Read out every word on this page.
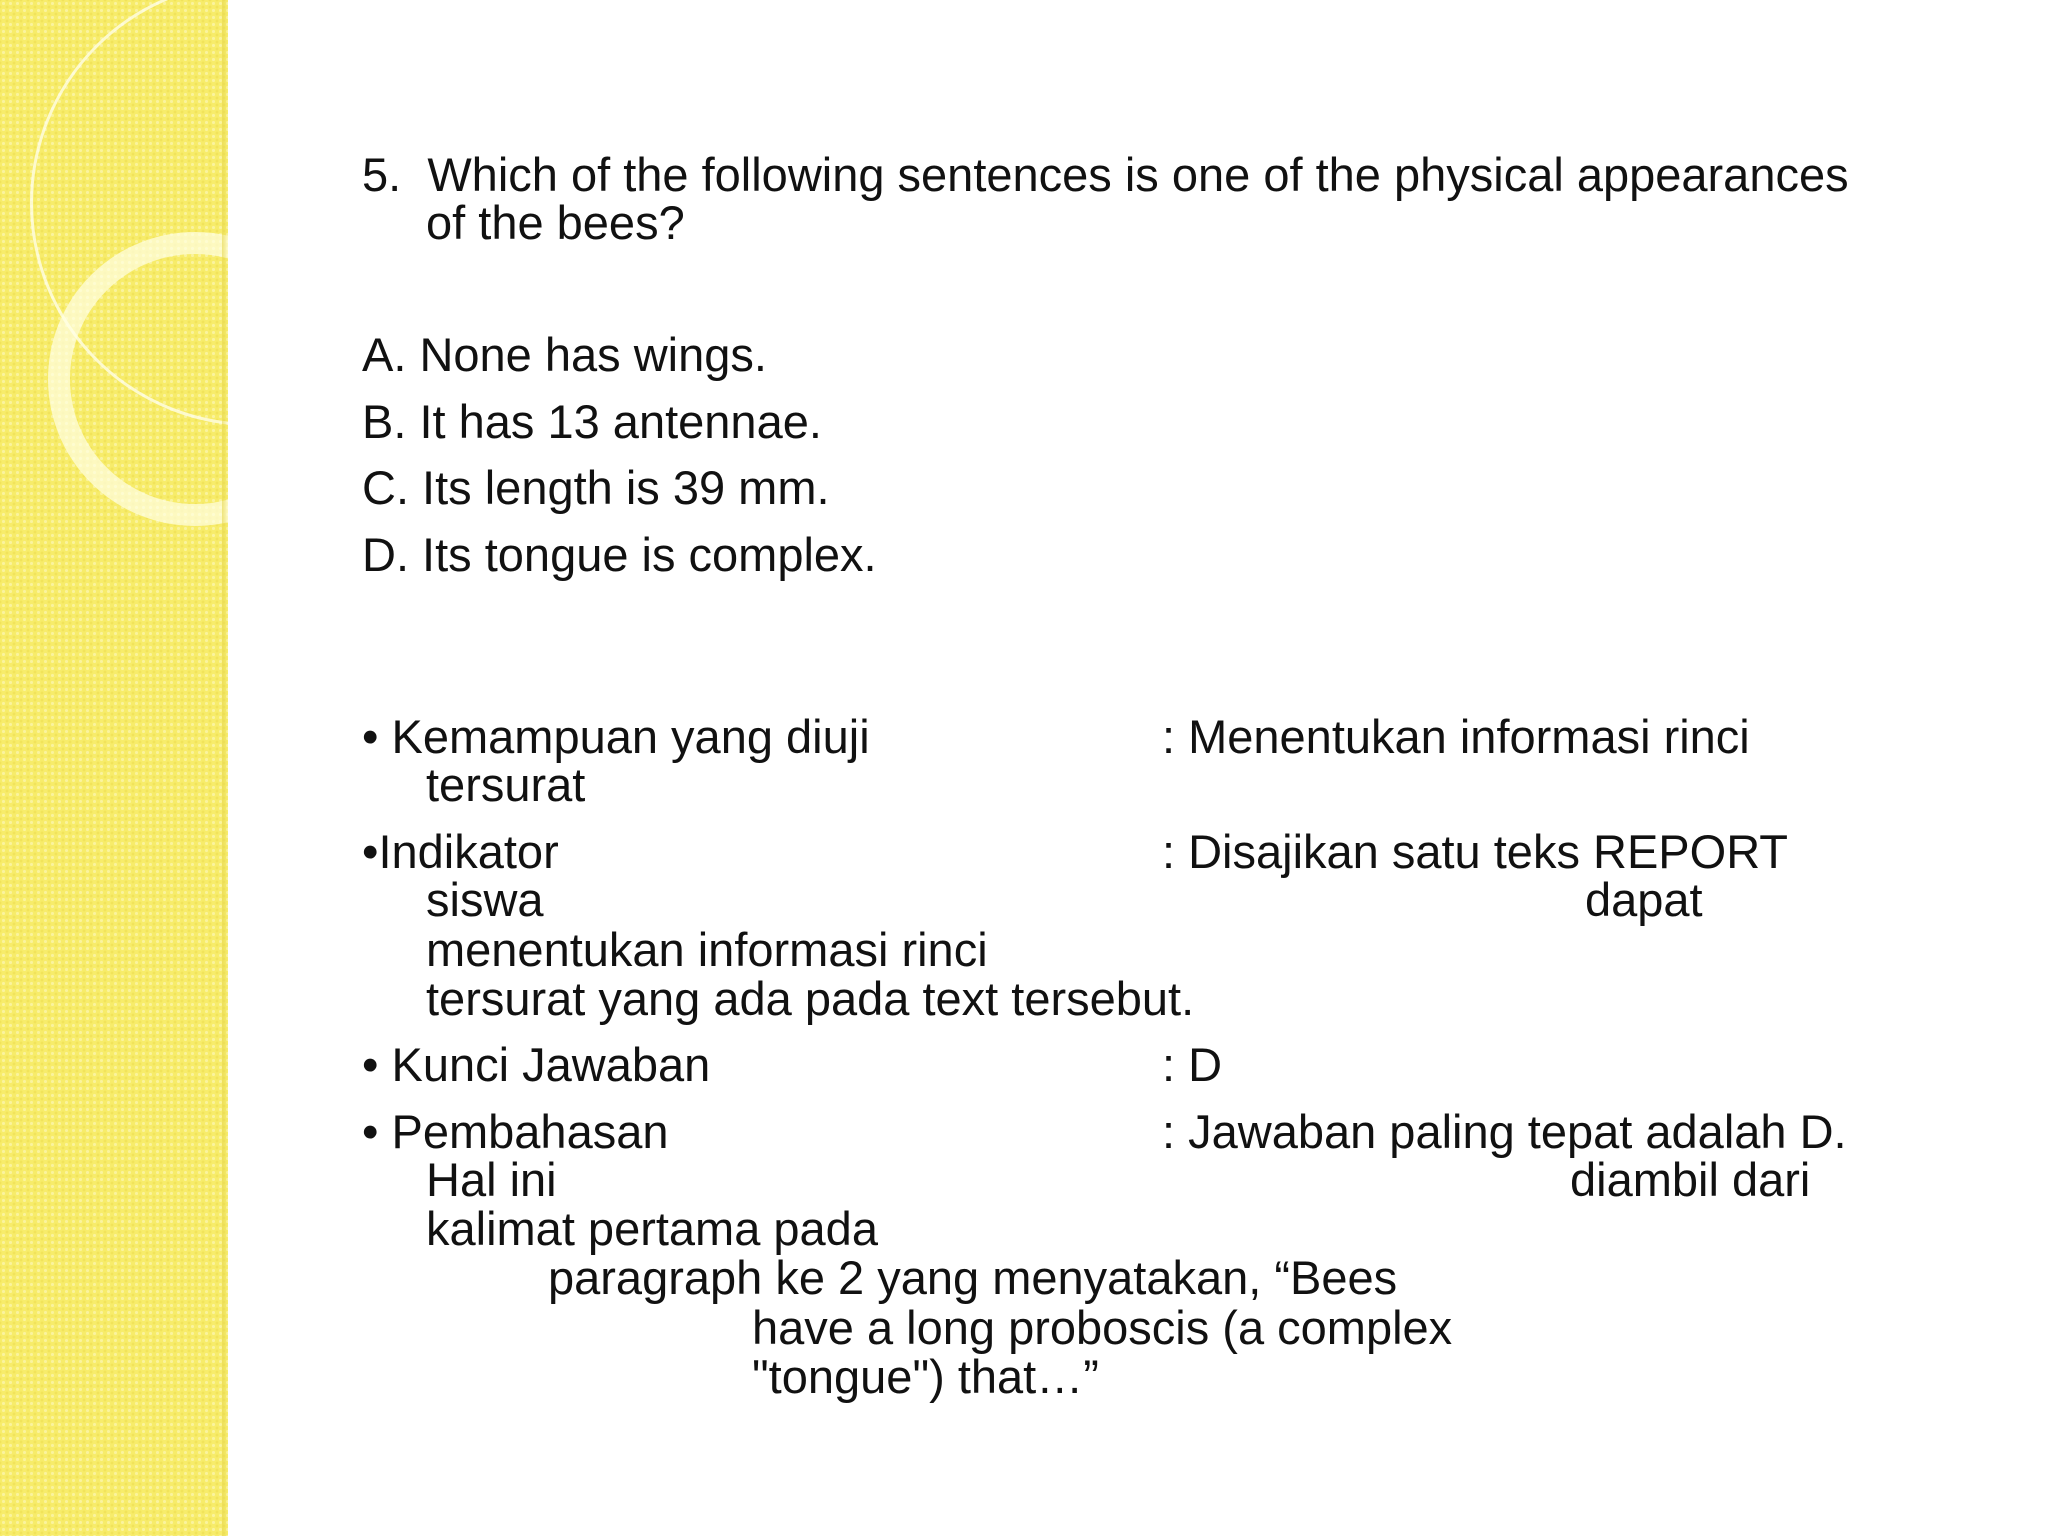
5.  Which of the following sentences is one of the physical appearances
of the bees?
A. None has wings.
B. It has 13 antennae.
C. Its length is 39 mm.
D. Its tongue is complex.
• Kemampuan yang diuji	: Menentukan informasi rinci
tersurat
•Indikator	: Disajikan satu teks REPORT
siswa	dapat
menentukan informasi rinci
tersurat yang ada pada text tersebut.
• Kunci Jawaban	: D
• Pembahasan	: Jawaban paling tepat adalah D.
Hal ini	diambil dari
kalimat pertama pada
paragraph ke 2 yang menyatakan, “Bees
have a long proboscis (a complex
"tongue") that…”
